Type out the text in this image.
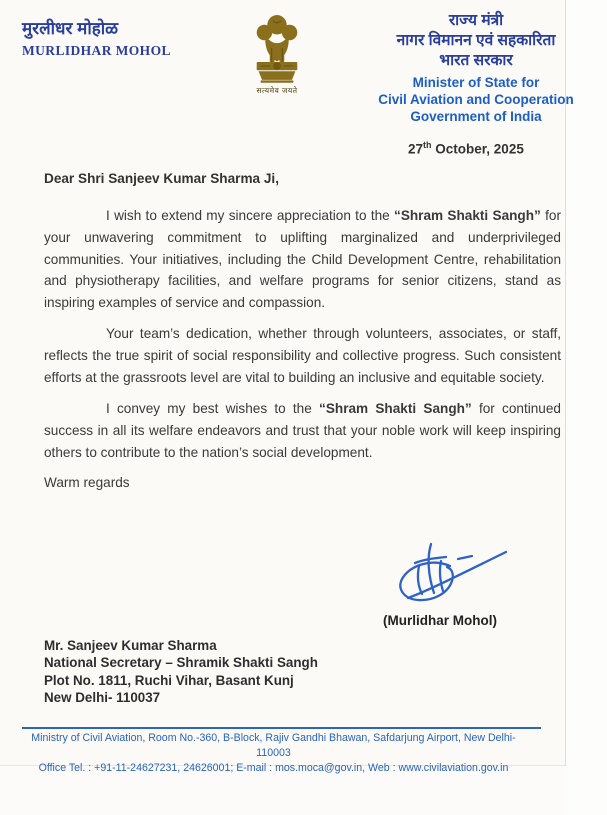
मुरलीधर मोहोळ

MURLIDHAR MOHOL

सत्यमेव जयते

राज्य मंत्री

नागर विमानन एवं सहकारिता

भारत सरकार

Minister of State for

Civil Aviation and Cooperation

Government of India

27th October, 2025
Dear Shri Sanjeev Kumar Sharma Ji,

I wish to extend my sincere appreciation to the “Shram Shakti Sangh” for your unwavering commitment to uplifting marginalized and underprivileged communities. Your initiatives, including the Child Development Centre, rehabilitation and physiotherapy facilities, and welfare programs for senior citizens, stand as inspiring examples of service and compassion.

Your team’s dedication, whether through volunteers, associates, or staff, reflects the true spirit of social responsibility and collective progress. Such consistent efforts at the grassroots level are vital to building an inclusive and equitable society.

I convey my best wishes to the “Shram Shakti Sangh” for continued success in all its welfare endeavors and trust that your noble work will keep inspiring others to contribute to the nation’s social development.

Warm regards
(Murlidhar Mohol)
Mr. Sanjeev Kumar Sharma
National Secretary – Shramik Shakti Sangh
Plot No. 1811, Ruchi Vihar, Basant Kunj
New Delhi- 110037
Ministry of Civil Aviation, Room No.-360, B-Block, Rajiv Gandhi Bhawan, Safdarjung Airport, New Delhi-110003
Office Tel. : +91-11-24627231, 24626001; E-mail : mos.moca@gov.in, Web : www.civilaviation.gov.in
